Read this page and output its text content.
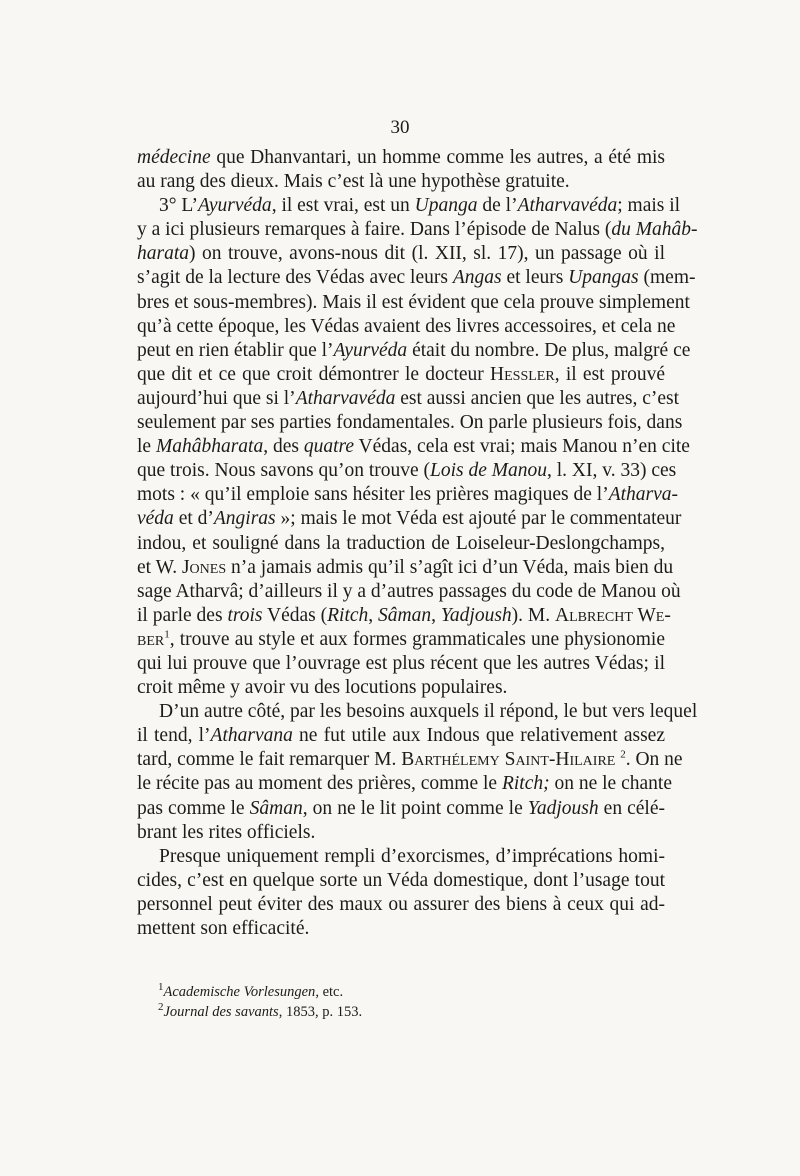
30
médecine que Dhanvantari, un homme comme les autres, a été mis
au rang des dieux. Mais c’est là une hypothèse gratuite.
3° L’Ayurvéda, il est vrai, est un Upanga de l’Atharvavéda; mais il
y a ici plusieurs remarques à faire. Dans l’épisode de Nalus (du Mahâb-
harata) on trouve, avons-nous dit (l. XII, sl. 17), un passage où il
s’agit de la lecture des Védas avec leurs Angas et leurs Upangas (mem-
bres et sous-membres). Mais il est évident que cela prouve simplement
qu’à cette époque, les Védas avaient des livres accessoires, et cela ne
peut en rien établir que l’Ayurvéda était du nombre. De plus, malgré ce
que dit et ce que croit démontrer le docteur Hessler, il est prouvé
aujourd’hui que si l’Atharvavéda est aussi ancien que les autres, c’est
seulement par ses parties fondamentales. On parle plusieurs fois, dans
le Mahâbharata, des quatre Védas, cela est vrai; mais Manou n’en cite
que trois. Nous savons qu’on trouve (Lois de Manou, l. XI, v. 33) ces
mots : « qu’il emploie sans hésiter les prières magiques de l’Atharva-
véda et d’Angiras »; mais le mot Véda est ajouté par le commentateur
indou, et souligné dans la traduction de Loiseleur-Deslongchamps,
et W. Jones n’a jamais admis qu’il s’agît ici d’un Véda, mais bien du
sage Atharvâ; d’ailleurs il y a d’autres passages du code de Manou où
il parle des trois Védas (Ritch, Sâman, Yadjoush). M. Albrecht We-
ber$^1$, trouve au style et aux formes grammaticales une physionomie
qui lui prouve que l’ouvrage est plus récent que les autres Védas; il
croit même y avoir vu des locutions populaires.
D’un autre côté, par les besoins auxquels il répond, le but vers lequel
il tend, l’Atharvana ne fut utile aux Indous que relativement assez
tard, comme le fait remarquer M. Barthélemy Saint-Hilaire $^2$. On ne
le récite pas au moment des prières, comme le Ritch; on ne le chante
pas comme le Sâman, on ne le lit point comme le Yadjoush en célé-
brant les rites officiels.
Presque uniquement rempli d’exorcismes, d’imprécations homi-
cides, c’est en quelque sorte un Véda domestique, dont l’usage tout
personnel peut éviter des maux ou assurer des biens à ceux qui ad-
mettent son efficacité.
$^1$Academische Vorlesungen, etc.
$^2$Journal des savants, 1853, p. 153.
